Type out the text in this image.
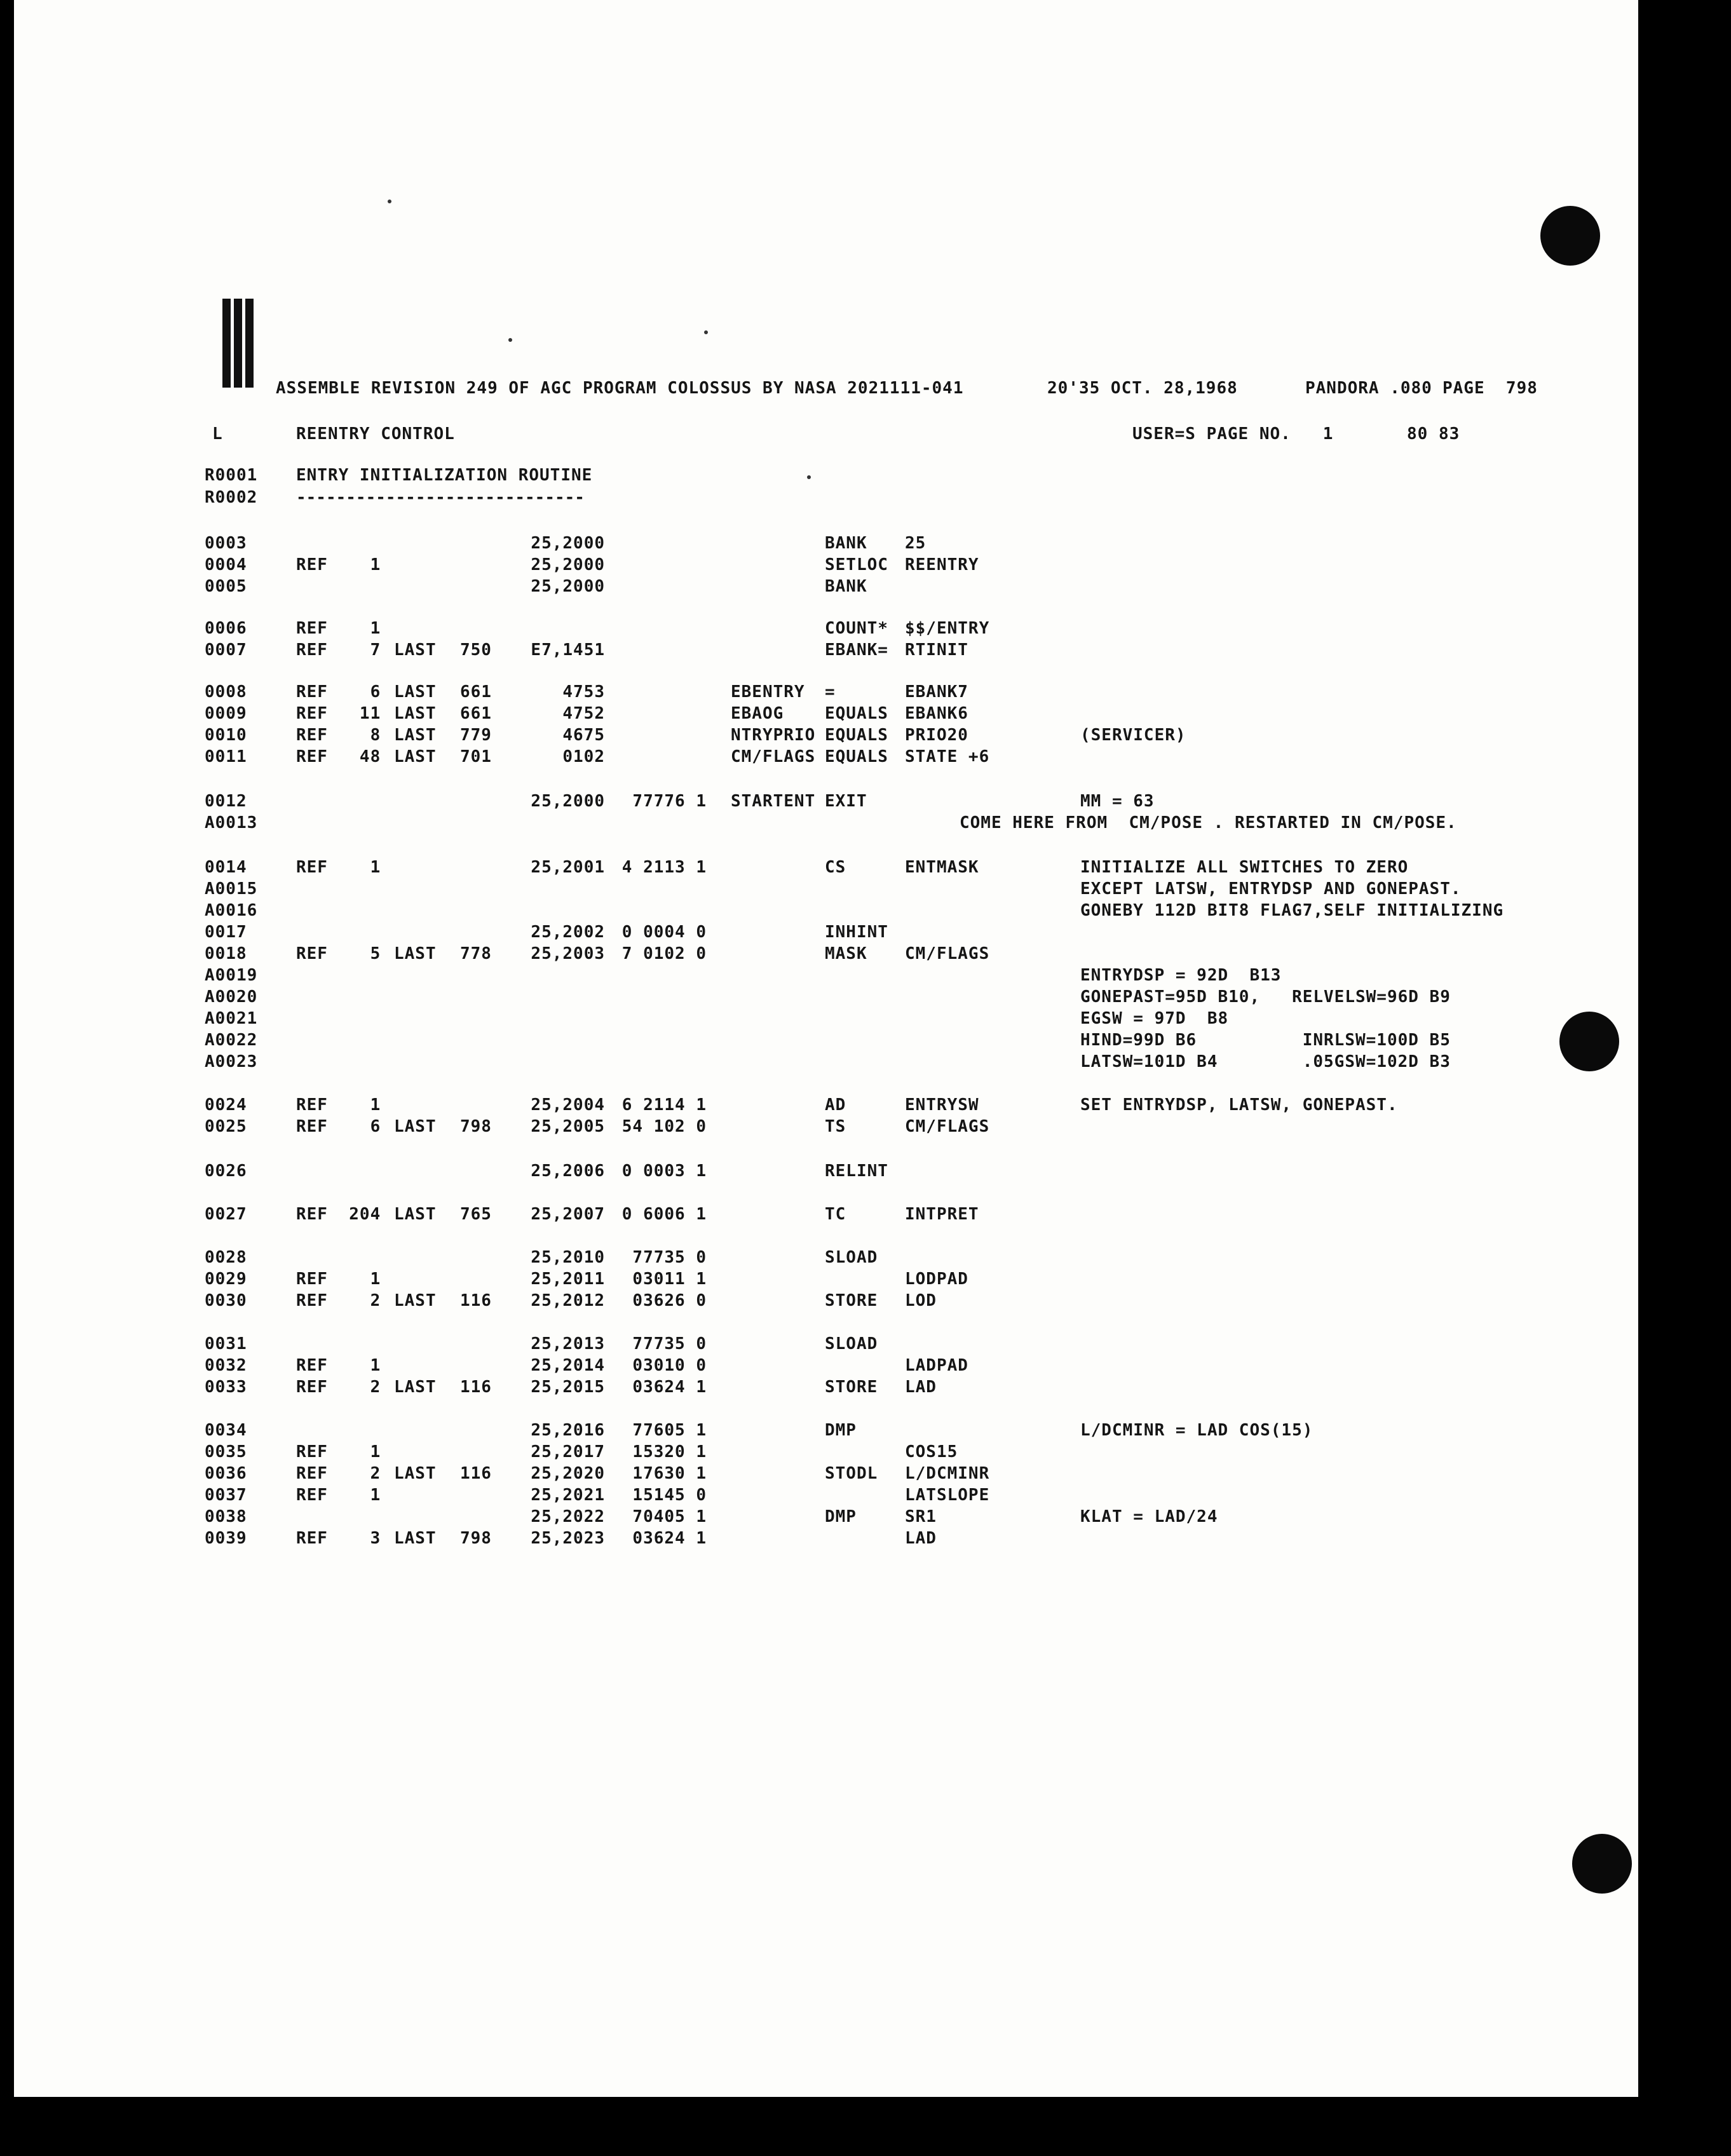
ASSEMBLE REVISION 249 OF AGC PROGRAM COLOSSUS BY NASA 2021111-041	20'35 OCT. 28,1968	PANDORA .080 PAGE  798
L	REENTRY CONTROL	USER=S PAGE NO.   1	80 83
R0001 ENTRY INITIALIZATION ROUTINE
R0002 -----------------------------
0003	25,2000	BANK 25
0004	REF    1	25,2000	SETLOC REENTRY
0005	25,2000	BANK
0006	REF    1	COUNT* $$/ENTRY
0007	REF    7 LAST 750	E7,1451	EBANK= RTINIT
0008	REF    6 LAST 661	4753	EBENTRY =	EBANK7
0009	REF   11 LAST 661	4752	EBAOG EQUALS EBANK6
0010	REF    8 LAST 779	4675	NTRYPRIO EQUALS PRIO20	(SERVICER)
0011	REF   48 LAST 701	0102	CM/FLAGS EQUALS STATE +6
0012	25,2000	77776 1 STARTENT EXIT	MM = 63
A0013	COME HERE FROM  CM/POSE . RESTARTED IN CM/POSE.
0014	REF    1	25,2001	4 2113 1	CS	ENTMASK	INITIALIZE ALL SWITCHES TO ZERO
A0015	EXCEPT LATSW, ENTRYDSP AND GONEPAST.
A0016	GONEBY 112D BIT8 FLAG7,SELF INITIALIZING
0017	25,2002	0 0004 0	INHINT
0018	REF    5 LAST 778	25,2003	7 0102 0	MASK CM/FLAGS
A0019	ENTRYDSP = 92D  B13
A0020	GONEPAST=95D B10,   RELVELSW=96D B9
A0021	EGSW = 97D  B8
A0022	HIND=99D B6          INRLSW=100D B5
A0023	LATSW=101D B4        .05GSW=102D B3
0024	REF    1	25,2004	6 2114 1	AD	ENTRYSW	SET ENTRYDSP, LATSW, GONEPAST.
0025	REF    6 LAST 798	25,2005	54 102 0	TS	CM/FLAGS
0026	25,2006	0 0003 1	RELINT
0027	REF  204 LAST 765	25,2007	0 6006 1	TC	INTPRET
0028	25,2010	77735 0	SLOAD
0029	REF    1	25,2011	03011 1	LODPAD
0030	REF    2 LAST 116	25,2012	03626 0	STORE LOD
0031	25,2013	77735 0	SLOAD
0032	REF    1	25,2014	03010 0	LADPAD
0033	REF    2 LAST 116	25,2015	03624 1	STORE LAD
0034	25,2016	77605 1	DMP	L/DCMINR = LAD COS(15)
0035	REF    1	25,2017	15320 1	COS15
0036	REF    2 LAST 116	25,2020	17630 1	STODL L/DCMINR
0037	REF    1	25,2021	15145 0	LATSLOPE
0038	25,2022	70405 1	DMP	SR1	KLAT = LAD/24
0039	REF    3 LAST 798	25,2023	03624 1	LAD
